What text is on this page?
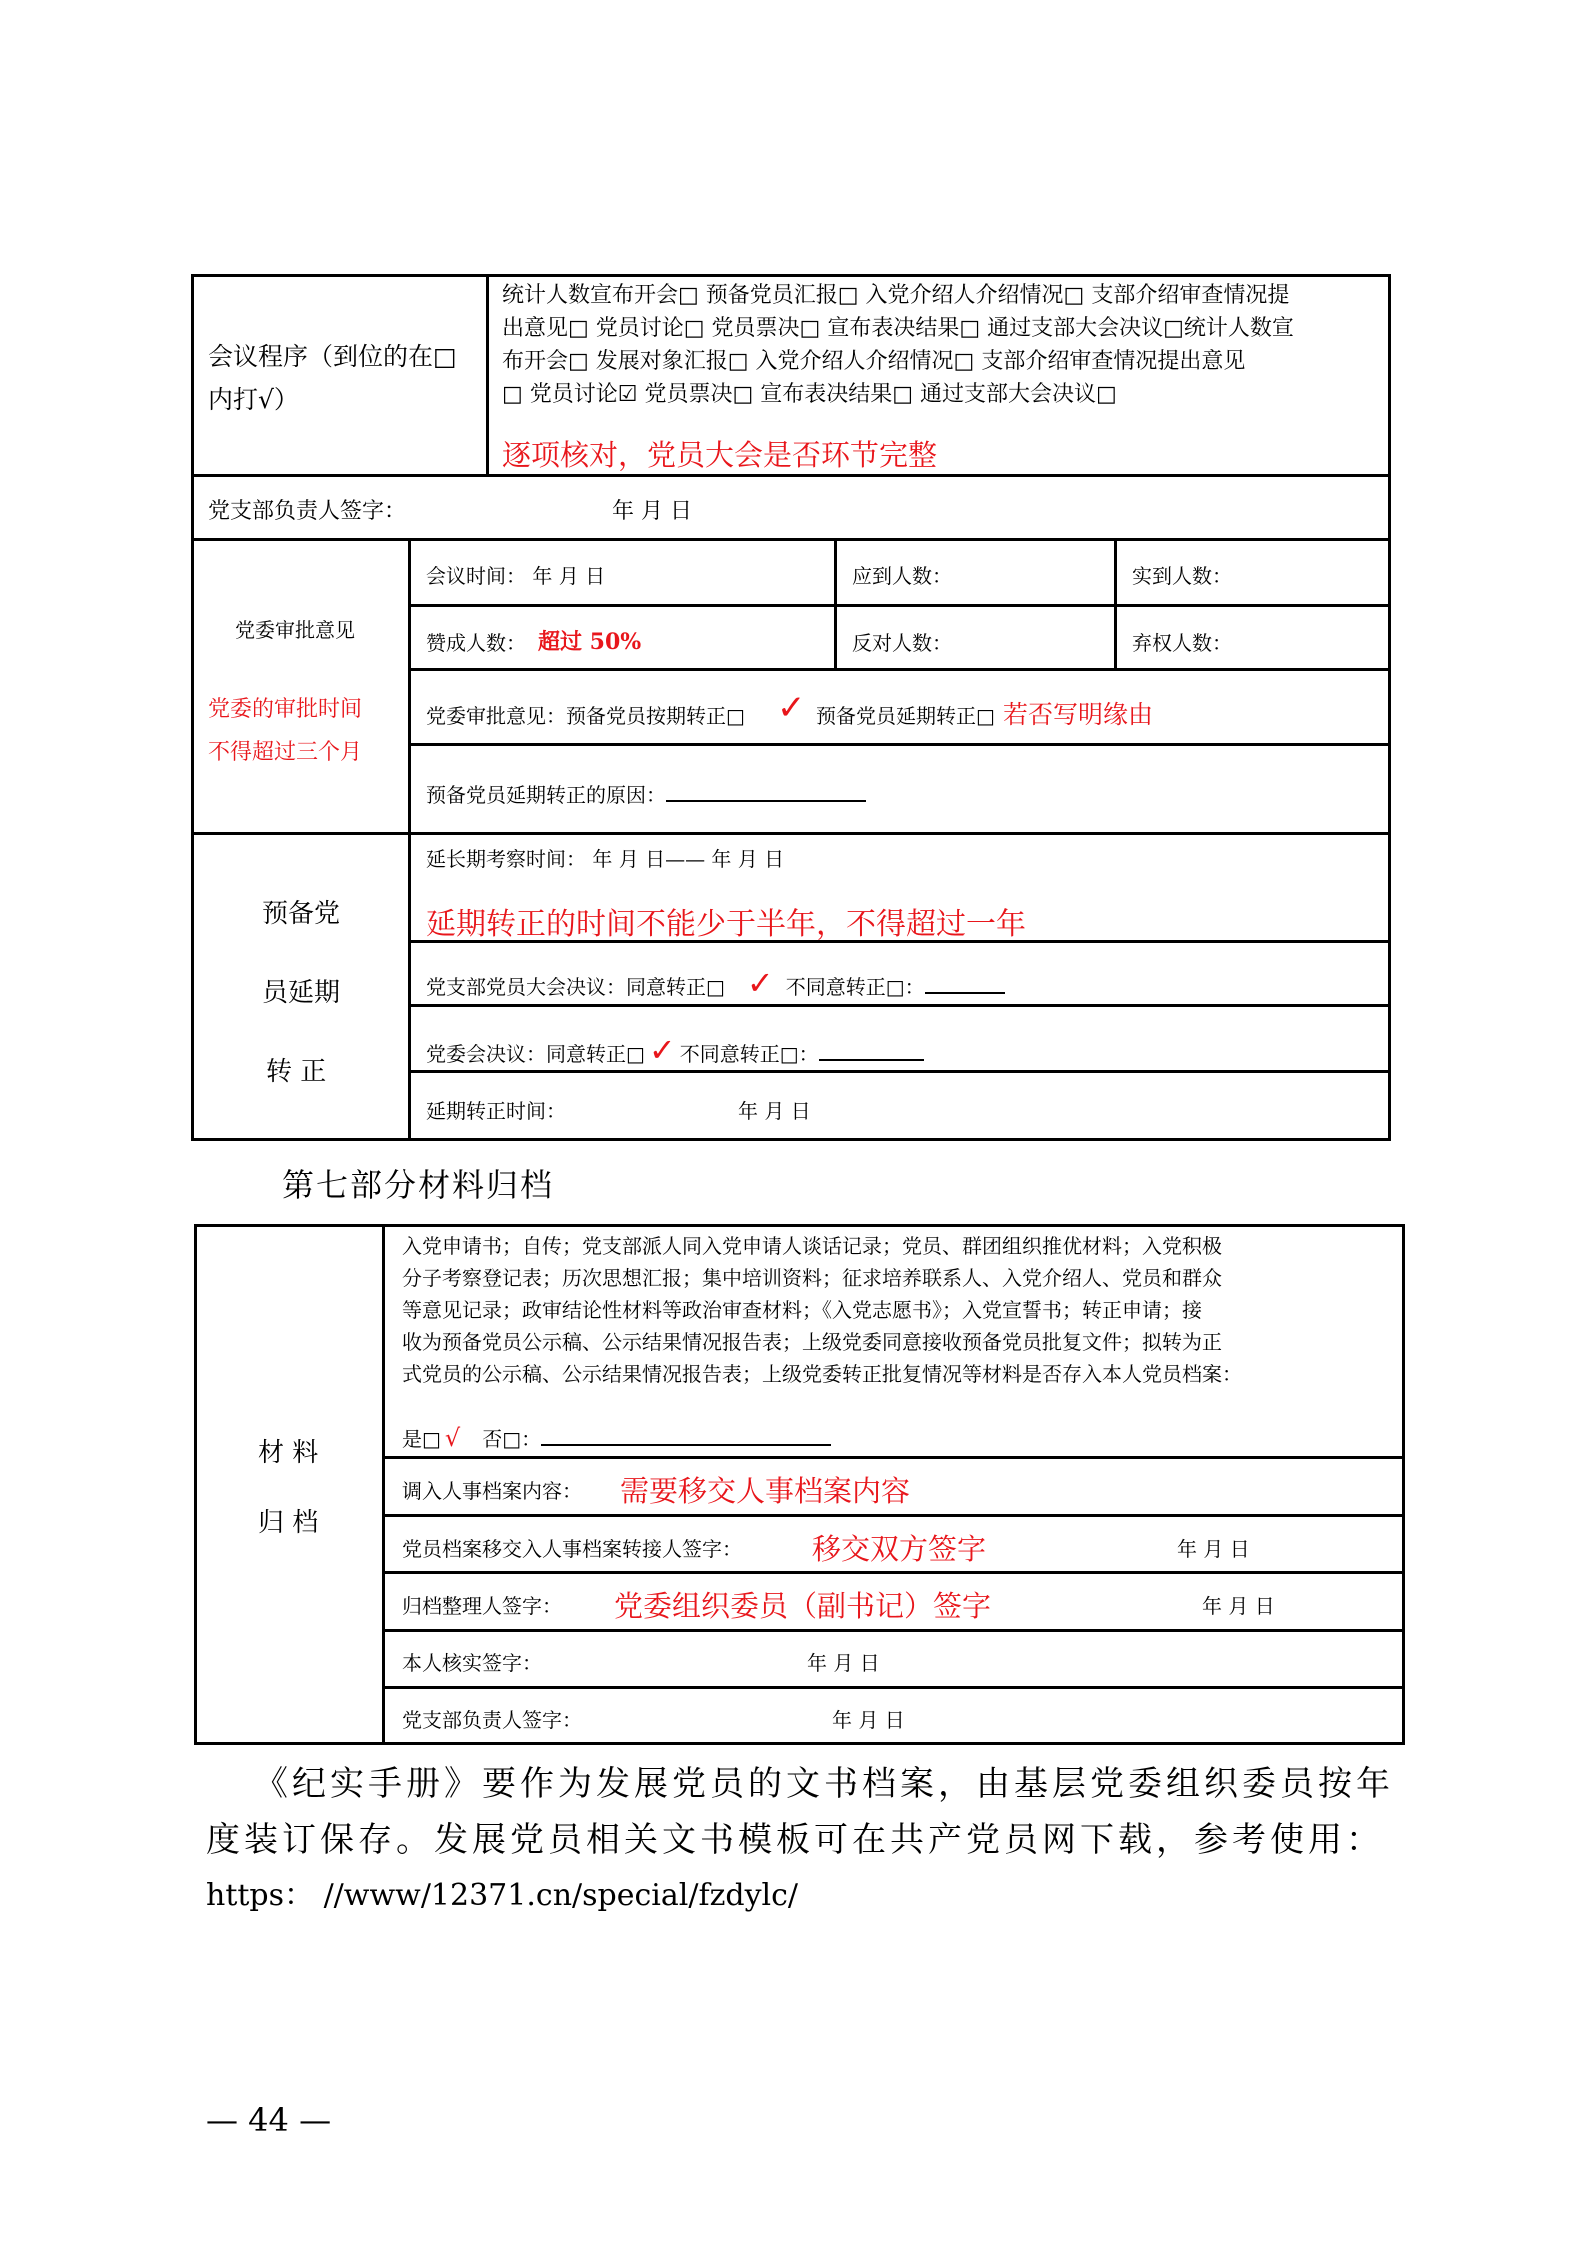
会议程序（到位的在□
内打√）
统计人数宣布开会□ 预备党员汇报□ 入党介绍人介绍情况□ 支部介绍审查情况提
出意见□ 党员讨论□ 党员票决□ 宣布表决结果□ 通过支部大会决议□统计人数宣
布开会□ 发展对象汇报□ 入党介绍人介绍情况□ 支部介绍审查情况提出意见
□ 党员讨论☑ 党员票决□ 宣布表决结果□ 通过支部大会决议□
逐项核对，党员大会是否环节完整
党支部负责人签字：	年 月 日
党委审批意见
党委的审批时间
不得超过三个月
会议时间： 年 月 日	应到人数：	实到人数：
赞成人数： 超过 50%	反对人数：	弃权人数：
党委审批意见：预备党员按期转正□ ✓ 预备党员延期转正□ 若否写明缘由
预备党员延期转正的原因：
预备党
员延期
转 正
延长期考察时间： 年 月 日—— 年 月 日
延期转正的时间不能少于半年，不得超过一年
党支部党员大会决议：同意转正□ ✓ 不同意转正□：
党委会决议：同意转正□ ✓ 不同意转正□：
延期转正时间：	年 月 日
第七部分材料归档
材 料
归 档
入党申请书；自传；党支部派人同入党申请人谈话记录；党员、群团组织推优材料；入党积极
分子考察登记表；历次思想汇报；集中培训资料；征求培养联系人、入党介绍人、党员和群众
等意见记录；政审结论性材料等政治审查材料；《入党志愿书》；入党宣誓书；转正申请；接
收为预备党员公示稿、公示结果情况报告表；上级党委同意接收预备党员批复文件；拟转为正
式党员的公示稿、公示结果情况报告表；上级党委转正批复情况等材料是否存入本人党员档案：
是□ √ 否□：
调入人事档案内容： 需要移交人事档案内容
党员档案移交入人事档案转接人签字： 移交双方签字	年 月 日
归档整理人签字： 党委组织委员（副书记）签字	年 月 日
本人核实签字：	年 月 日
党支部负责人签字：	年 月 日
《纪实手册》要作为发展党员的文书档案，由基层党委组织委员按年
度装订保存。发展党员相关文书模板可在共产党员网下载，参考使用：
https： //www/12371.cn/special/fzdylc/
— 44 —
